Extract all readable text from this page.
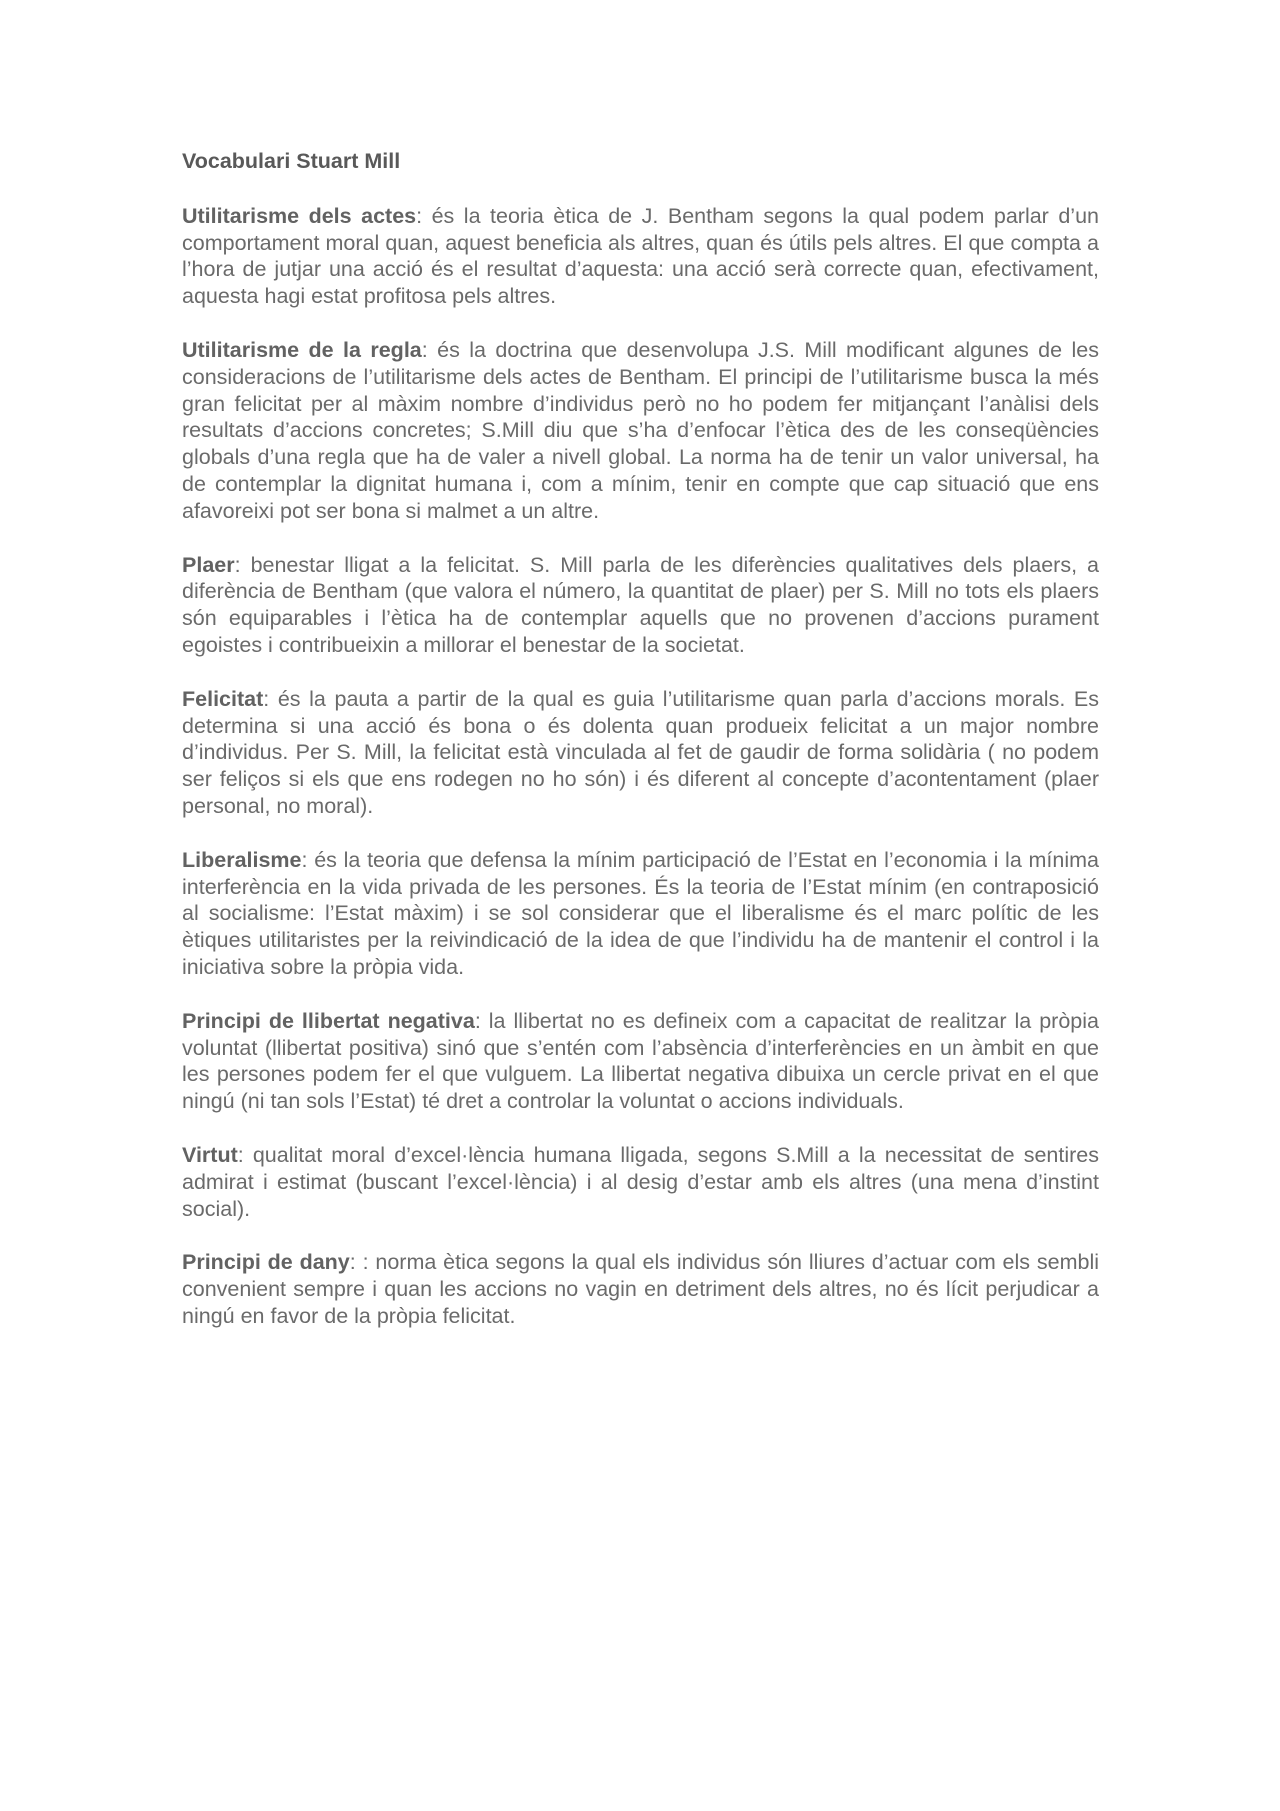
Vocabulari Stuart Mill

Utilitarisme dels actes: és la teoria ètica de J. Bentham segons la qual podem parlar d’un comportament moral quan, aquest beneficia als altres, quan és útils pels altres. El que compta a l’hora de jutjar una acció és el resultat d’aquesta: una acció serà correcte quan, efectivament, aquesta hagi estat profitosa pels altres.

Utilitarisme de la regla: és la doctrina que desenvolupa J.S. Mill modificant algunes de les consideracions de l’utilitarisme dels actes de Bentham. El principi de l’utilitarisme busca la més gran felicitat per al màxim nombre d’individus però no ho podem fer mitjançant l’anàlisi dels resultats d’accions concretes; S.Mill diu que s’ha d’enfocar l’ètica des de les conseqüències globals d’una regla que ha de valer a nivell global. La norma ha de tenir un valor universal, ha de contemplar la dignitat humana i, com a mínim, tenir en compte que cap situació que ens afavoreixi pot ser bona si malmet a un altre.

Plaer: benestar lligat a la felicitat. S. Mill parla de les diferències qualitatives dels plaers, a diferència de Bentham (que valora el número, la quantitat de plaer) per S. Mill no tots els plaers són equiparables i l’ètica ha de contemplar aquells que no provenen d’accions purament egoistes i contribueixin a millorar el benestar de la societat.

Felicitat: és la pauta a partir de la qual es guia l’utilitarisme quan parla d’accions morals. Es determina si una acció és bona o és dolenta quan produeix felicitat a un major nombre d’individus. Per S. Mill, la felicitat està vinculada al fet de gaudir de forma solidària ( no podem ser feliços si els que ens rodegen no ho són) i és diferent al concepte d’acontentament (plaer personal, no moral).

Liberalisme: és la teoria que defensa la mínim participació de l’Estat en l’economia i la mínima interferència en la vida privada de les persones. És la teoria de l’Estat mínim (en contraposició al socialisme: l’Estat màxim) i se sol considerar que el liberalisme és el marc polític de les ètiques utilitaristes per la reivindicació de la idea de que l’individu ha de mantenir el control i la iniciativa sobre la pròpia vida.

Principi de llibertat negativa: la llibertat no es defineix com a capacitat de realitzar la pròpia voluntat (llibertat positiva) sinó que s’entén com l’absència d’interferències en un àmbit en que les persones podem fer el que vulguem. La llibertat negativa dibuixa un cercle privat en el que ningú (ni tan sols l’Estat) té dret a controlar la voluntat o accions individuals.

Virtut: qualitat moral d’excel·lència humana lligada, segons S.Mill a la necessitat de sentires admirat i estimat (buscant l’excel·lència) i al desig d’estar amb els altres (una mena d’instint social).

Principi de dany: : norma ètica segons la qual els individus són lliures d’actuar com els sembli convenient sempre i quan les accions no vagin en detriment dels altres, no és lícit perjudicar a ningú en favor de la pròpia felicitat.
